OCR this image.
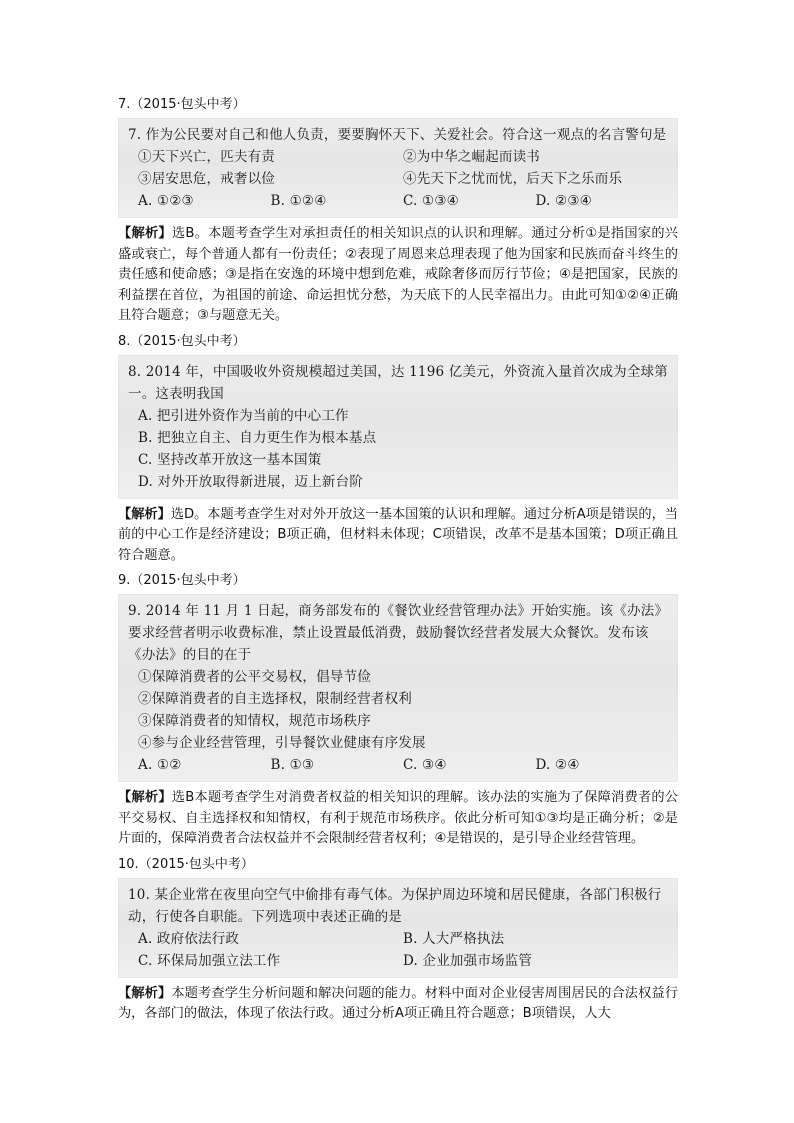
7.（2015·包头中考）
7. 作为公民要对自己和他人负责，要要胸怀天下、关爱社会。符合这一观点的名言警句是
①天下兴亡，匹夫有责	②为中华之崛起而读书
③居安思危，戒奢以俭	④先天下之忧而忧，后天下之乐而乐
A. ①②③	B. ①②④	C. ①③④	D. ②③④
【解析】选B。本题考查学生对承担责任的相关知识点的认识和理解。通过分析①是指国家的兴盛或衰亡，每个普通人都有一份责任；②表现了周恩来总理表现了他为国家和民族而奋斗终生的责任感和使命感；③是指在安逸的环境中想到危难，戒除奢侈而厉行节俭；④是把国家，民族的利益摆在首位，为祖国的前途、命运担忧分愁，为天底下的人民幸福出力。由此可知①②④正确且符合题意；③与题意无关。
8.（2015·包头中考）
8. 2014 年，中国吸收外资规模超过美国，达 1196 亿美元，外资流入量首次成为全球第一。这表明我国
A. 把引进外资作为当前的中心工作
B. 把独立自主、自力更生作为根本基点
C. 坚持改革开放这一基本国策
D. 对外开放取得新进展，迈上新台阶
【解析】选D。本题考查学生对对外开放这一基本国策的认识和理解。通过分析A项是错误的，当前的中心工作是经济建设；B项正确，但材料未体现；C项错误，改革不是基本国策；D项正确且符合题意。
9.（2015·包头中考）
9. 2014 年 11 月 1 日起，商务部发布的《餐饮业经营管理办法》开始实施。该《办法》要求经营者明示收费标准，禁止设置最低消费，鼓励餐饮经营者发展大众餐饮。发布该《办法》的目的在于
①保障消费者的公平交易权，倡导节俭
②保障消费者的自主选择权，限制经营者权利
③保障消费者的知情权，规范市场秩序
④参与企业经营管理，引导餐饮业健康有序发展
A. ①②	B. ①③	C. ③④	D. ②④
【解析】选B本题考查学生对消费者权益的相关知识的理解。该办法的实施为了保障消费者的公平交易权、自主选择权和知情权，有利于规范市场秩序。依此分析可知①③均是正确分析；②是片面的，保障消费者合法权益并不会限制经营者权利；④是错误的，是引导企业经营管理。
10.（2015·包头中考）
10. 某企业常在夜里向空气中偷排有毒气体。为保护周边环境和居民健康，各部门积极行动，行使各自职能。下列选项中表述正确的是
A. 政府依法行政	B. 人大严格执法
C. 环保局加强立法工作	D. 企业加强市场监管
【解析】本题考查学生分析问题和解决问题的能力。材料中面对企业侵害周围居民的合法权益行为，各部门的做法，体现了依法行政。通过分析A项正确且符合题意；B项错误，人大
